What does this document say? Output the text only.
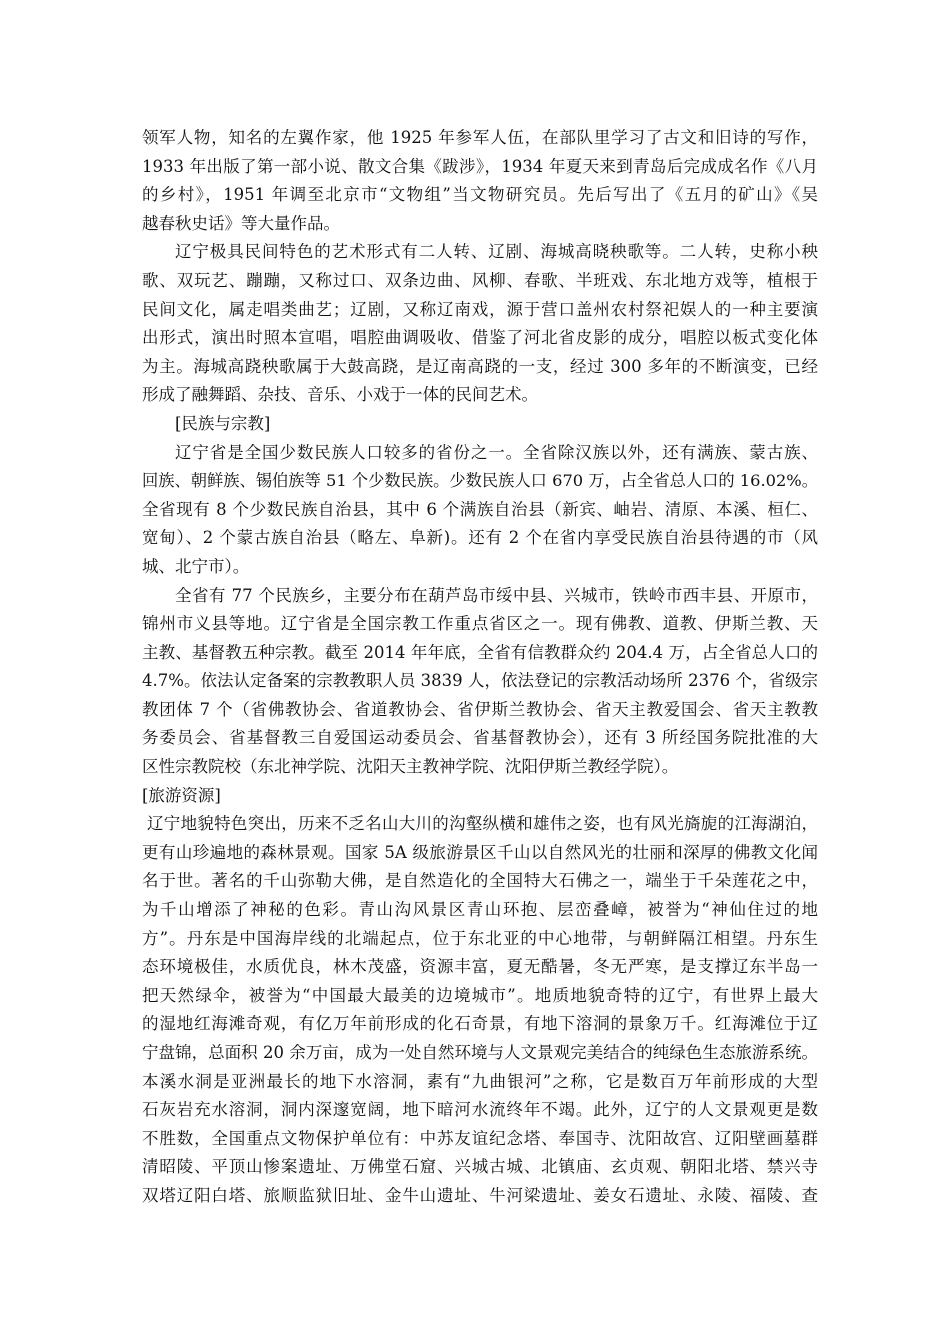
领军人物，知名的左翼作家，他 1925 年参军人伍，在部队里学习了古文和旧诗的写作，
1933 年出版了第一部小说、散文合集《跋涉》，1934 年夏天来到青岛后完成成名作《八月
的乡村》，1951 年调至北京市“文物组”当文物研究员。先后写出了《五月的矿山》《吴
越春秋史话》等大量作品。
辽宁极具民间特色的艺术形式有二人转、辽剧、海城高晓秧歌等。二人转，史称小秧
歌、双玩艺、蹦蹦，又称过口、双条边曲、风柳、春歌、半班戏、东北地方戏等，植根于
民间文化，属走唱类曲艺；辽剧，又称辽南戏，源于营口盖州农村祭祀娱人的一种主要演
出形式，演出时照本宣唱，唱腔曲调吸收、借鉴了河北省皮影的成分，唱腔以板式变化体
为主。海城高跷秧歌属于大鼓高跷，是辽南高跷的一支，经过 300 多年的不断演变，已经
形成了融舞蹈、杂技、音乐、小戏于一体的民间艺术。
[民族与宗教]
辽宁省是全国少数民族人口较多的省份之一。全省除汉族以外，还有满族、蒙古族、
回族、朝鲜族、锡伯族等 51 个少数民族。少数民族人口 670 万，占全省总人口的 16.02%。
全省现有 8 个少数民族自治县，其中 6 个满族自治县（新宾、岫岩、清原、本溪、桓仁、
宽甸）、2 个蒙古族自治县（略左、阜新)。还有 2 个在省内享受民族自治县待遇的市（风
城、北宁市）。
全省有 77 个民族乡，主要分布在葫芦岛市绥中县、兴城市，铁岭市西丰县、开原市，
锦州市义县等地。辽宁省是全国宗教工作重点省区之一。现有佛教、道教、伊斯兰教、天
主教、基督教五种宗教。截至 2014 年年底，全省有信教群众约 204.4 万，占全省总人口的
4.7%。依法认定备案的宗教教职人员 3839 人，依法登记的宗教活动场所 2376 个，省级宗
教团体 7 个（省佛教协会、省道教协会、省伊斯兰教协会、省天主教爱国会、省天主教教
务委员会、省基督教三自爱国运动委员会、省基督教协会），还有 3 所经国务院批准的大
区性宗教院校（东北神学院、沈阳天主教神学院、沈阳伊斯兰教经学院）。
[旅游资源]
辽宁地貌特色突出，历来不乏名山大川的沟壑纵横和雄伟之姿，也有风光旖旎的江海湖泊，
更有山珍遍地的森林景观。国家 5A 级旅游景区千山以自然风光的壮丽和深厚的佛教文化闻
名于世。著名的千山弥勒大佛，是自然造化的全国特大石佛之一，端坐于千朵莲花之中，
为千山增添了神秘的色彩。青山沟风景区青山环抱、层峦叠嶂，被誉为“神仙住过的地
方”。丹东是中国海岸线的北端起点，位于东北亚的中心地带，与朝鲜隔江相望。丹东生
态环境极佳，水质优良，林木茂盛，资源丰富，夏无酷暑，冬无严寒，是支撑辽东半岛一
把天然绿伞，被誉为“中国最大最美的边境城市”。地质地貌奇特的辽宁，有世界上最大
的湿地红海滩奇观，有亿万年前形成的化石奇景，有地下溶洞的景象万千。红海滩位于辽
宁盘锦，总面积 20 余万亩，成为一处自然环境与人文景观完美结合的纯绿色生态旅游系统。
本溪水洞是亚洲最长的地下水溶洞，素有“九曲银河”之称，它是数百万年前形成的大型
石灰岩充水溶洞，洞内深邃宽阔，地下暗河水流终年不竭。此外，辽宁的人文景观更是数
不胜数，全国重点文物保护单位有：中苏友谊纪念塔、奉国寺、沈阳故宫、辽阳壁画墓群
清昭陵、平顶山惨案遗址、万佛堂石窟、兴城古城、北镇庙、玄贞观、朝阳北塔、禁兴寺
双塔辽阳白塔、旅顺监狱旧址、金牛山遗址、牛河梁遗址、姜女石遗址、永陵、福陵、查
